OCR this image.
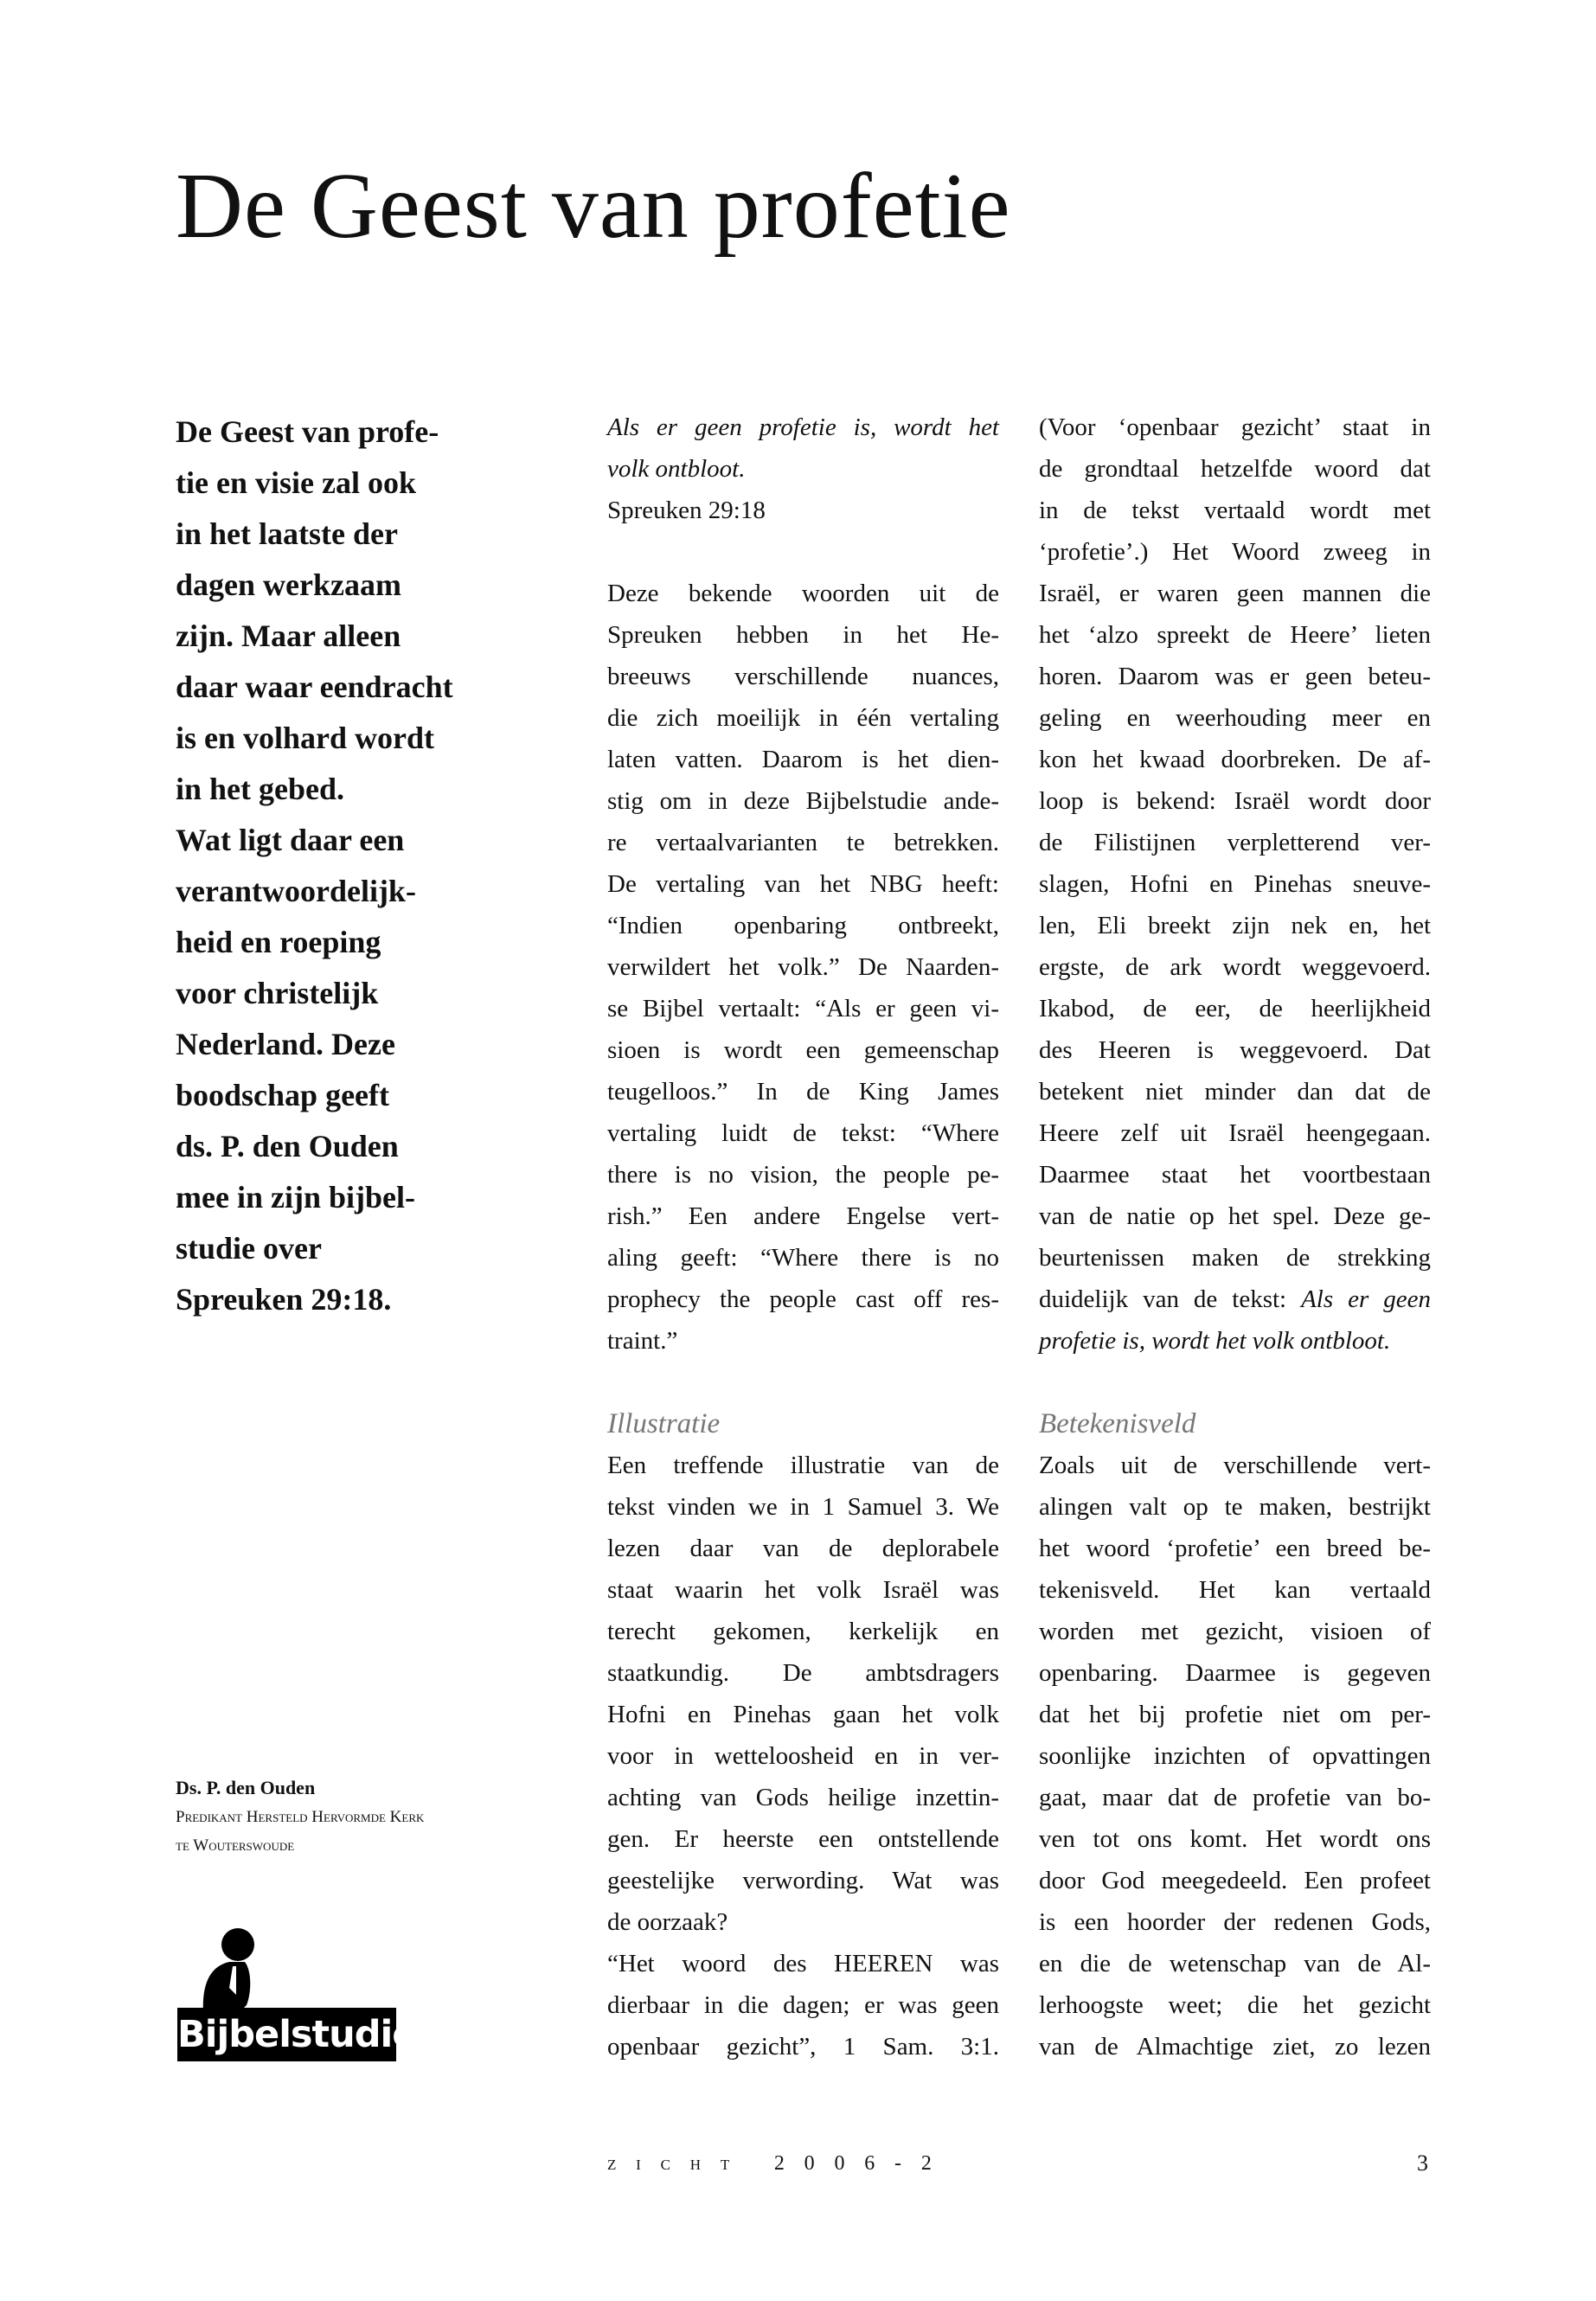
De Geest van profetie
De Geest van profe-
tie en visie zal ook
in het laatste der
dagen werkzaam
zijn. Maar alleen
daar waar eendracht
is en volhard wordt
in het gebed.
Wat ligt daar een
verantwoordelijk-
heid en roeping
voor christelijk
Nederland. Deze
boodschap geeft
ds. P. den Ouden
mee in zijn bijbel-
studie over
Spreuken 29:18.
Als er geen profetie is, wordt het
volk ontbloot.
Spreuken 29:18
Deze bekende woorden uit de
Spreuken hebben in het He-
breeuws verschillende nuances,
die zich moeilijk in één vertaling
laten vatten. Daarom is het dien-
stig om in deze Bijbelstudie ande-
re vertaalvarianten te betrekken.
De vertaling van het NBG heeft:
“Indien openbaring ontbreekt,
verwildert het volk.” De Naarden-
se Bijbel vertaalt: “Als er geen vi-
sioen is wordt een gemeenschap
teugelloos.” In de King James
vertaling luidt de tekst: “Where
there is no vision, the people pe-
rish.” Een andere Engelse vert-
aling geeft: “Where there is no
prophecy the people cast off res-
traint.”
Illustratie
Een treffende illustratie van de
tekst vinden we in 1 Samuel 3. We
lezen daar van de deplorabele
staat waarin het volk Israël was
terecht gekomen, kerkelijk en
staatkundig. De ambtsdragers
Hofni en Pinehas gaan het volk
voor in wetteloosheid en in ver-
achting van Gods heilige inzettin-
gen. Er heerste een ontstellende
geestelijke verwording. Wat was
de oorzaak?
“Het woord des HEEREN was
dierbaar in die dagen; er was geen
openbaar gezicht”, 1 Sam. 3:1.
(Voor ‘openbaar gezicht’ staat in
de grondtaal hetzelfde woord dat
in de tekst vertaald wordt met
‘profetie’.) Het Woord zweeg in
Israël, er waren geen mannen die
het ‘alzo spreekt de Heere’ lieten
horen. Daarom was er geen beteu-
geling en weerhouding meer en
kon het kwaad doorbreken. De af-
loop is bekend: Israël wordt door
de Filistijnen verpletterend ver-
slagen, Hofni en Pinehas sneuve-
len, Eli breekt zijn nek en, het
ergste, de ark wordt weggevoerd.
Ikabod, de eer, de heerlijkheid
des Heeren is weggevoerd. Dat
betekent niet minder dan dat de
Heere zelf uit Israël heengegaan.
Daarmee staat het voortbestaan
van de natie op het spel. Deze ge-
beurtenissen maken de strekking
duidelijk van de tekst: Als er geen
profetie is, wordt het volk ontbloot.
Betekenisveld
Zoals uit de verschillende vert-
alingen valt op te maken, bestrijkt
het woord ‘profetie’ een breed be-
tekenisveld. Het kan vertaald
worden met gezicht, visioen of
openbaring. Daarmee is gegeven
dat het bij profetie niet om per-
soonlijke inzichten of opvattingen
gaat, maar dat de profetie van bo-
ven tot ons komt. Het wordt ons
door God meegedeeld. Een profeet
is een hoorder der redenen Gods,
en die de wetenschap van de Al-
lerhoogste weet; die het gezicht
van de Almachtige ziet, zo lezen
Ds. P. den Ouden
Predikant Hersteld Hervormde Kerk
te Wouterswoude
Bijbelstudie
zicht 2006-2	3
